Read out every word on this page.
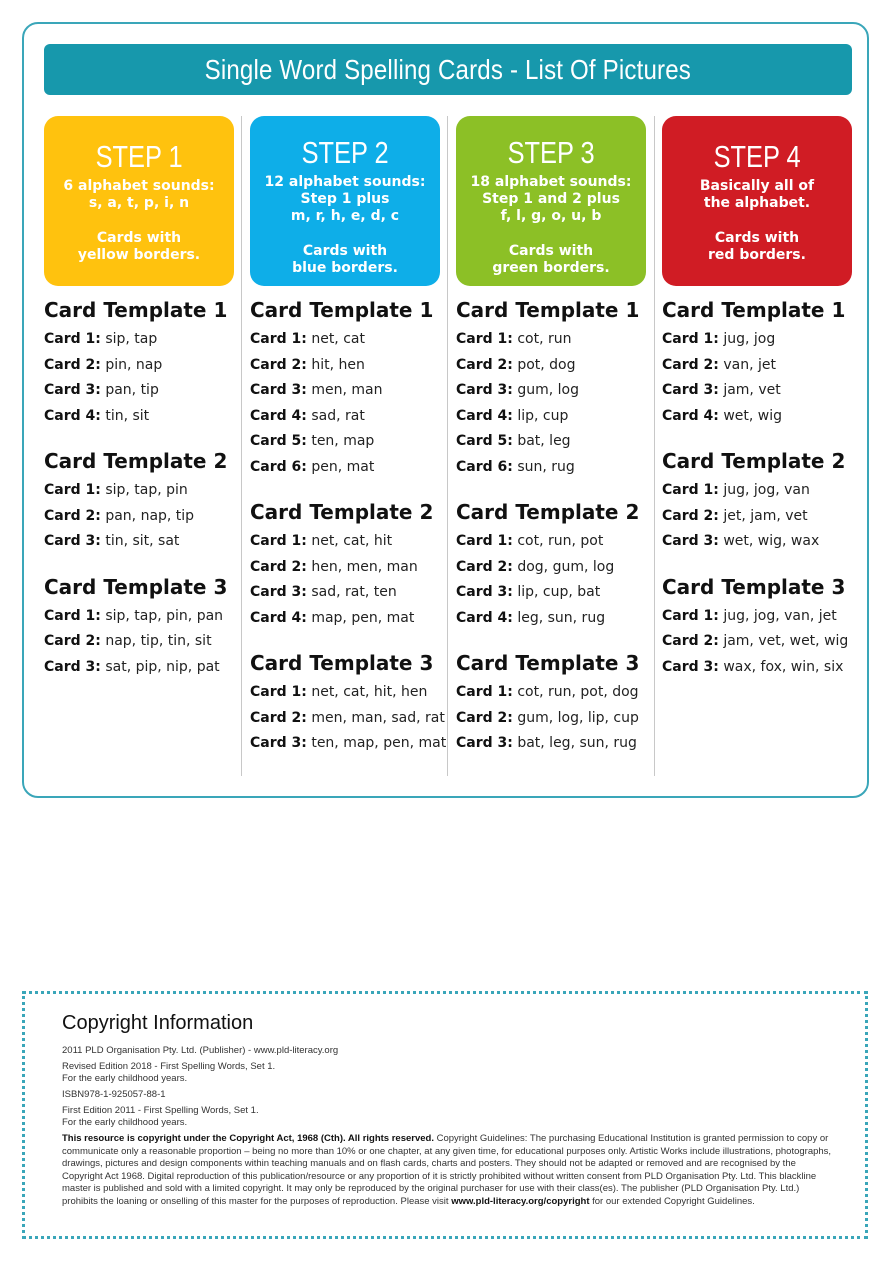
Single Word Spelling Cards - List Of Pictures
STEP 1
6 alphabet sounds:
s, a, t, p, i, n
Cards with
yellow borders.
Card Template 1
Card 1: sip, tap
Card 2: pin, nap
Card 3: pan, tip
Card 4: tin, sit
Card Template 2
Card 1: sip, tap, pin
Card 2: pan, nap, tip
Card 3: tin, sit, sat
Card Template 3
Card 1: sip, tap, pin, pan
Card 2: nap, tip, tin, sit
Card 3: sat, pip, nip, pat
STEP 2
12 alphabet sounds:
Step 1 plus
m, r, h, e, d, c
Cards with
blue borders.
Card Template 1
Card 1: net, cat
Card 2: hit, hen
Card 3: men, man
Card 4: sad, rat
Card 5: ten, map
Card 6: pen, mat
Card Template 2
Card 1: net, cat, hit
Card 2: hen, men, man
Card 3: sad, rat, ten
Card 4: map, pen, mat
Card Template 3
Card 1: net, cat, hit, hen
Card 2: men, man, sad, rat
Card 3: ten, map, pen, mat
STEP 3
18 alphabet sounds:
Step 1 and 2 plus
f, l, g, o, u, b
Cards with
green borders.
Card Template 1
Card 1: cot, run
Card 2: pot, dog
Card 3: gum, log
Card 4: lip, cup
Card 5: bat, leg
Card 6: sun, rug
Card Template 2
Card 1: cot, run, pot
Card 2: dog, gum, log
Card 3: lip, cup, bat
Card 4: leg, sun, rug
Card Template 3
Card 1: cot, run, pot, dog
Card 2: gum, log, lip, cup
Card 3: bat, leg, sun, rug
STEP 4
Basically all of
the alphabet.
Cards with
red borders.
Card Template 1
Card 1: jug, jog
Card 2: van, jet
Card 3: jam, vet
Card 4: wet, wig
Card Template 2
Card 1: jug, jog, van
Card 2: jet, jam, vet
Card 3: wet, wig, wax
Card Template 3
Card 1: jug, jog, van, jet
Card 2: jam, vet, wet, wig
Card 3: wax, fox, win, six
Copyright Information
2011 PLD Organisation Pty. Ltd. (Publisher) - www.pld-literacy.org
Revised Edition 2018 - First Spelling Words, Set 1.
For the early childhood years.
ISBN978-1-925057-88-1
First Edition 2011 - First Spelling Words, Set 1.
For the early childhood years.
This resource is copyright under the Copyright Act, 1968 (Cth). All rights reserved. Copyright Guidelines: The purchasing Educational Institution is granted permission to copy or communicate only a reasonable proportion – being no more than 10% or one chapter, at any given time, for educational purposes only. Artistic Works include illustrations, photographs, drawings, pictures and design components within teaching manuals and on flash cards, charts and posters. They should not be adapted or removed and are recognised by the Copyright Act 1968. Digital reproduction of this publication/resource or any proportion of it is strictly prohibited without written consent from PLD Organisation Pty. Ltd. This blackline master is published and sold with a limited copyright. It may only be reproduced by the original purchaser for use with their class(es). The publisher (PLD Organisation Pty. Ltd.) prohibits the loaning or onselling of this master for the purposes of reproduction. Please visit www.pld-literacy.org/copyright for our extended Copyright Guidelines.
